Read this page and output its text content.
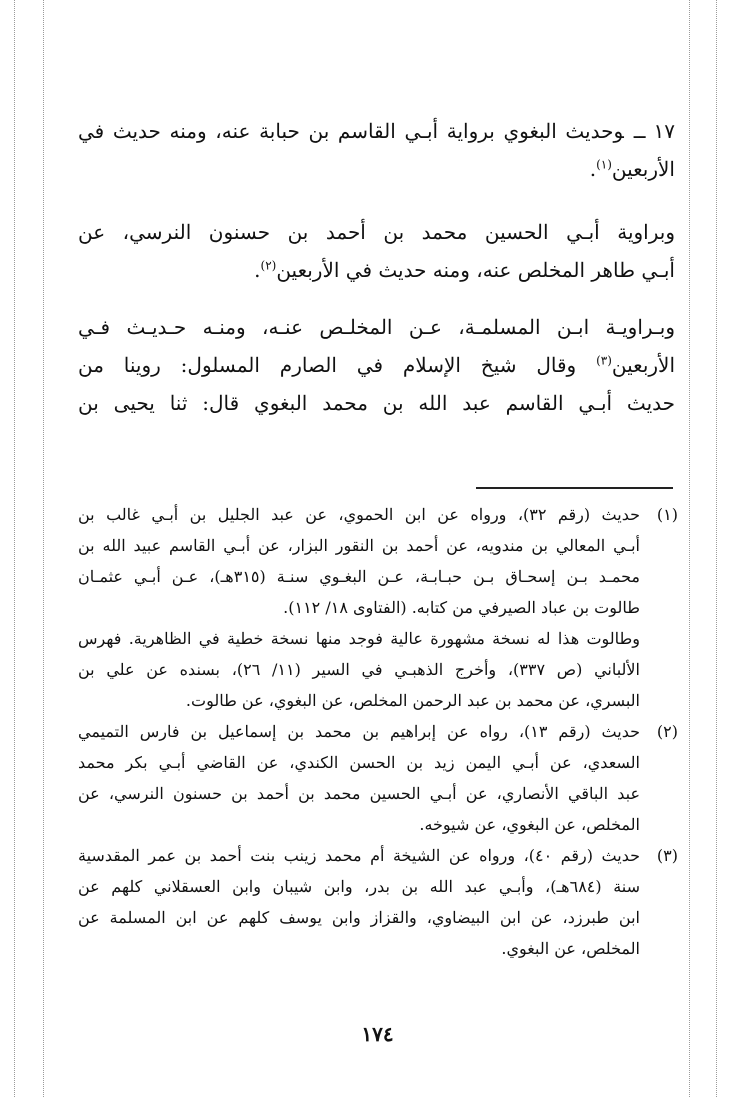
١٧ــوحديث البغوي برواية أبـي القاسم بن حبابة عنه، ومنه حديث في
الأربعين$^{(١)}$.

وبراوية أبـي الحسين محمد بن أحمد بن حسنون النرسي، عن
أبـي طاهر المخلص عنه، ومنه حديث في الأربعين$^{(٢)}$.

وبـراويـة ابـن المسلمـة، عـن المخلـص عنـه، ومنـه حـديـث فـي
الأربعين$^{(٣)}$ وقال شيخ الإسلام في الصارم المسلول: روينا من
حديث أبـي القاسم عبد الله بن محمد البغوي قال: ثنا يحيى بن

(١)
حديث (رقم ٣٢)، ورواه عن ابن الحموي، عن عبد الجليل بن أبـي غالب بن
أبـي المعالي بن مندويه، عن أحمد بن النقور البزار، عن أبـي القاسم عبيد الله بن
محمـد بـن إسحـاق بـن حبـابـة، عـن البغـوي سنـة (٣١٥هـ)، عـن أبـي عثمـان
طالوت بن عباد الصيرفي من كتابه. (الفتاوى ١٨/ ١١٢).
وطالوت هذا له نسخة مشهورة عالية فوجد منها نسخة خطية في الظاهرية. فهرس
الألباني (ص ٣٣٧)، وأخرج الذهبـي في السير (١١/ ٢٦)، بسنده عن علي بن
البسري، عن محمد بن عبد الرحمن المخلص، عن البغوي، عن طالوت.
(٢)
حديث (رقم ١٣)، رواه عن إبراهيم بن محمد بن إسماعيل بن فارس التميمي
السعدي، عن أبـي اليمن زيد بن الحسن الكندي، عن القاضي أبـي بكر محمد
عبد الباقي الأنصاري، عن أبـي الحسين محمد بن أحمد بن حسنون النرسي، عن
المخلص، عن البغوي، عن شيوخه.
(٣)
حديث (رقم ٤٠)، ورواه عن الشيخة أم محمد زينب بنت أحمد بن عمر المقدسية
سنة (٦٨٤هـ)، وأبـي عبد الله بن بدر، وابن شيبان وابن العسقلاني كلهم عن
ابن طبرزد، عن ابن البيضاوي، والقزاز وابن يوسف كلهم عن ابن المسلمة عن
المخلص، عن البغوي.
١٧٤
